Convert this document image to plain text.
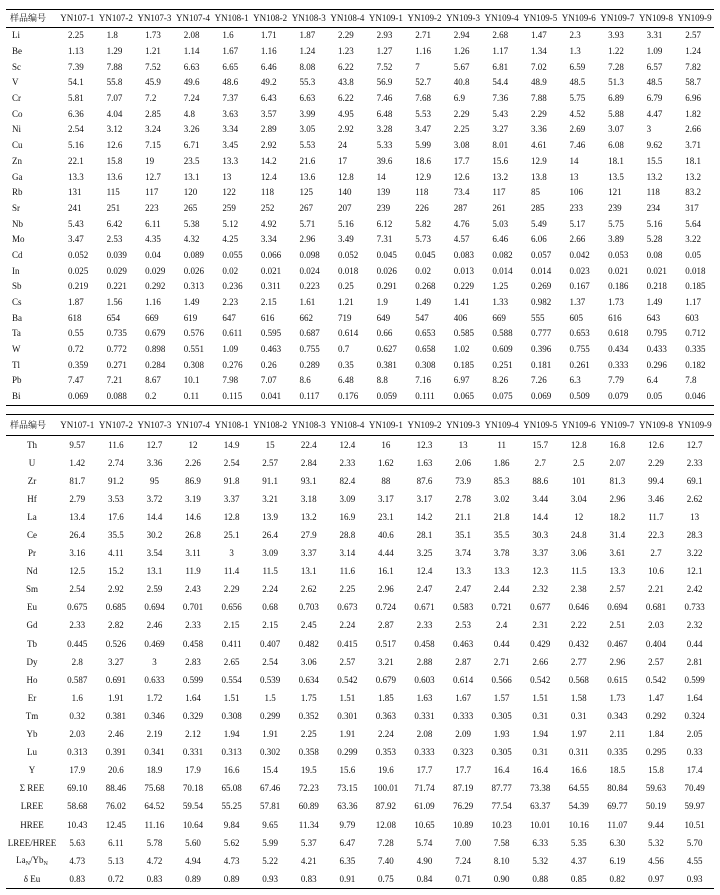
样品编号	YN107-1	YN107-2	YN107-3	YN107-4	YN108-1	YN108-2	YN108-3	YN108-4	YN109-1	YN109-2	YN109-3	YN109-4	YN109-5	YN109-6	YN109-7	YN109-8	YN109-9
Li	2.25	1.8	1.73	2.08	1.6	1.71	1.87	2.29	2.93	2.71	2.94	2.68	1.47	2.3	3.93	3.31	2.57
Be	1.13	1.29	1.21	1.14	1.67	1.16	1.24	1.23	1.27	1.16	1.26	1.17	1.34	1.3	1.22	1.09	1.24
Sc	7.39	7.88	7.52	6.63	6.65	6.46	8.08	6.22	7.52	7	5.67	6.81	7.02	6.59	7.28	6.57	7.82
V	54.1	55.8	45.9	49.6	48.6	49.2	55.3	43.8	56.9	52.7	40.8	54.4	48.9	48.5	51.3	48.5	58.7
Cr	5.81	7.07	7.2	7.24	7.37	6.43	6.63	6.22	7.46	7.68	6.9	7.36	7.88	5.75	6.89	6.79	6.96
Co	6.36	4.04	2.85	4.8	3.63	3.57	3.99	4.95	6.48	5.53	2.29	5.43	2.29	4.52	5.88	4.47	1.82
Ni	2.54	3.12	3.24	3.26	3.34	2.89	3.05	2.92	3.28	3.47	2.25	3.27	3.36	2.69	3.07	3	2.66
Cu	5.16	12.6	7.15	6.71	3.45	2.92	5.53	24	5.33	5.99	3.08	8.01	4.61	7.46	6.08	9.62	3.71
Zn	22.1	15.8	19	23.5	13.3	14.2	21.6	17	39.6	18.6	17.7	15.6	12.9	14	18.1	15.5	18.1
Ga	13.3	13.6	12.7	13.1	13	12.4	13.6	12.8	14	12.9	12.6	13.2	13.8	13	13.5	13.2	13.2
Rb	131	115	117	120	122	118	125	140	139	118	73.4	117	85	106	121	118	83.2
Sr	241	251	223	265	259	252	267	207	239	226	287	261	285	233	239	234	317
Nb	5.43	6.42	6.11	5.38	5.12	4.92	5.71	5.16	6.12	5.82	4.76	5.03	5.49	5.17	5.75	5.16	5.64
Mo	3.47	2.53	4.35	4.32	4.25	3.34	2.96	3.49	7.31	5.73	4.57	6.46	6.06	2.66	3.89	5.28	3.22
Cd	0.052	0.039	0.04	0.089	0.055	0.066	0.098	0.052	0.045	0.045	0.083	0.082	0.057	0.042	0.053	0.08	0.05
In	0.025	0.029	0.029	0.026	0.02	0.021	0.024	0.018	0.026	0.02	0.013	0.014	0.014	0.023	0.021	0.021	0.018
Sb	0.219	0.221	0.292	0.313	0.236	0.311	0.223	0.25	0.291	0.268	0.229	1.25	0.269	0.167	0.186	0.218	0.185
Cs	1.87	1.56	1.16	1.49	2.23	2.15	1.61	1.21	1.9	1.49	1.41	1.33	0.982	1.37	1.73	1.49	1.17
Ba	618	654	669	619	647	616	662	719	649	547	406	669	555	605	616	643	603
Ta	0.55	0.735	0.679	0.576	0.611	0.595	0.687	0.614	0.66	0.653	0.585	0.588	0.777	0.653	0.618	0.795	0.712
W	0.72	0.772	0.898	0.551	1.09	0.463	0.755	0.7	0.627	0.658	1.02	0.609	0.396	0.755	0.434	0.433	0.335
Tl	0.359	0.271	0.284	0.308	0.276	0.26	0.289	0.35	0.381	0.308	0.185	0.251	0.181	0.261	0.333	0.296	0.182
Pb	7.47	7.21	8.67	10.1	7.98	7.07	8.6	6.48	8.8	7.16	6.97	8.26	7.26	6.3	7.79	6.4	7.8
Bi	0.069	0.088	0.2	0.11	0.115	0.041	0.117	0.176	0.059	0.111	0.065	0.075	0.069	0.509	0.079	0.05	0.046
样品编号	YN107-1	YN107-2	YN107-3	YN107-4	YN108-1	YN108-2	YN108-3	YN108-4	YN109-1	YN109-2	YN109-3	YN109-4	YN109-5	YN109-6	YN109-7	YN109-8	YN109-9
Th	9.57	11.6	12.7	12	14.9	15	22.4	12.4	16	12.3	13	11	15.7	12.8	16.8	12.6	12.7
U	1.42	2.74	3.36	2.26	2.54	2.57	2.84	2.33	1.62	1.63	2.06	1.86	2.7	2.5	2.07	2.29	2.33
Zr	81.7	91.2	95	86.9	91.8	91.1	93.1	82.4	88	87.6	73.9	85.3	88.6	101	81.3	99.4	69.1
Hf	2.79	3.53	3.72	3.19	3.37	3.21	3.18	3.09	3.17	3.17	2.78	3.02	3.44	3.04	2.96	3.46	2.62
La	13.4	17.6	14.4	14.6	12.8	13.9	13.2	16.9	23.1	14.2	21.1	21.8	14.4	12	18.2	11.7	13
Ce	26.4	35.5	30.2	26.8	25.1	26.4	27.9	28.8	40.6	28.1	35.1	35.5	30.3	24.8	31.4	22.3	28.3
Pr	3.16	4.11	3.54	3.11	3	3.09	3.37	3.14	4.44	3.25	3.74	3.78	3.37	3.06	3.61	2.7	3.22
Nd	12.5	15.2	13.1	11.9	11.4	11.5	13.1	11.6	16.1	12.4	13.3	13.3	12.3	11.5	13.3	10.6	12.1
Sm	2.54	2.92	2.59	2.43	2.29	2.24	2.62	2.25	2.96	2.47	2.47	2.44	2.32	2.38	2.57	2.21	2.42
Eu	0.675	0.685	0.694	0.701	0.656	0.68	0.703	0.673	0.724	0.671	0.583	0.721	0.677	0.646	0.694	0.681	0.733
Gd	2.33	2.82	2.46	2.33	2.15	2.15	2.45	2.24	2.87	2.33	2.53	2.4	2.31	2.22	2.51	2.03	2.32
Tb	0.445	0.526	0.469	0.458	0.411	0.407	0.482	0.415	0.517	0.458	0.463	0.44	0.429	0.432	0.467	0.404	0.44
Dy	2.8	3.27	3	2.83	2.65	2.54	3.06	2.57	3.21	2.88	2.87	2.71	2.66	2.77	2.96	2.57	2.81
Ho	0.587	0.691	0.633	0.599	0.554	0.539	0.634	0.542	0.679	0.603	0.614	0.566	0.542	0.568	0.615	0.542	0.599
Er	1.6	1.91	1.72	1.64	1.51	1.5	1.75	1.51	1.85	1.63	1.67	1.57	1.51	1.58	1.73	1.47	1.64
Tm	0.32	0.381	0.346	0.329	0.308	0.299	0.352	0.301	0.363	0.331	0.333	0.305	0.31	0.31	0.343	0.292	0.324
Yb	2.03	2.46	2.19	2.12	1.94	1.91	2.25	1.91	2.24	2.08	2.09	1.93	1.94	1.97	2.11	1.84	2.05
Lu	0.313	0.391	0.341	0.331	0.313	0.302	0.358	0.299	0.353	0.333	0.323	0.305	0.31	0.311	0.335	0.295	0.33
Y	17.9	20.6	18.9	17.9	16.6	15.4	19.5	15.6	19.6	17.7	17.7	16.4	16.4	16.6	18.5	15.8	17.4
Σ REE	69.10	88.46	75.68	70.18	65.08	67.46	72.23	73.15	100.01	71.74	87.19	87.77	73.38	64.55	80.84	59.63	70.49
LREE	58.68	76.02	64.52	59.54	55.25	57.81	60.89	63.36	87.92	61.09	76.29	77.54	63.37	54.39	69.77	50.19	59.97
HREE	10.43	12.45	11.16	10.64	9.84	9.65	11.34	9.79	12.08	10.65	10.89	10.23	10.01	10.16	11.07	9.44	10.51
LREE/HREE	5.63	6.11	5.78	5.60	5.62	5.99	5.37	6.47	7.28	5.74	7.00	7.58	6.33	5.35	6.30	5.32	5.70
$La_N/Yb_N$	4.73	5.13	4.72	4.94	4.73	5.22	4.21	6.35	7.40	4.90	7.24	8.10	5.32	4.37	6.19	4.56	4.55
δ Eu	0.83	0.72	0.83	0.89	0.89	0.93	0.83	0.91	0.75	0.84	0.71	0.90	0.88	0.85	0.82	0.97	0.93
